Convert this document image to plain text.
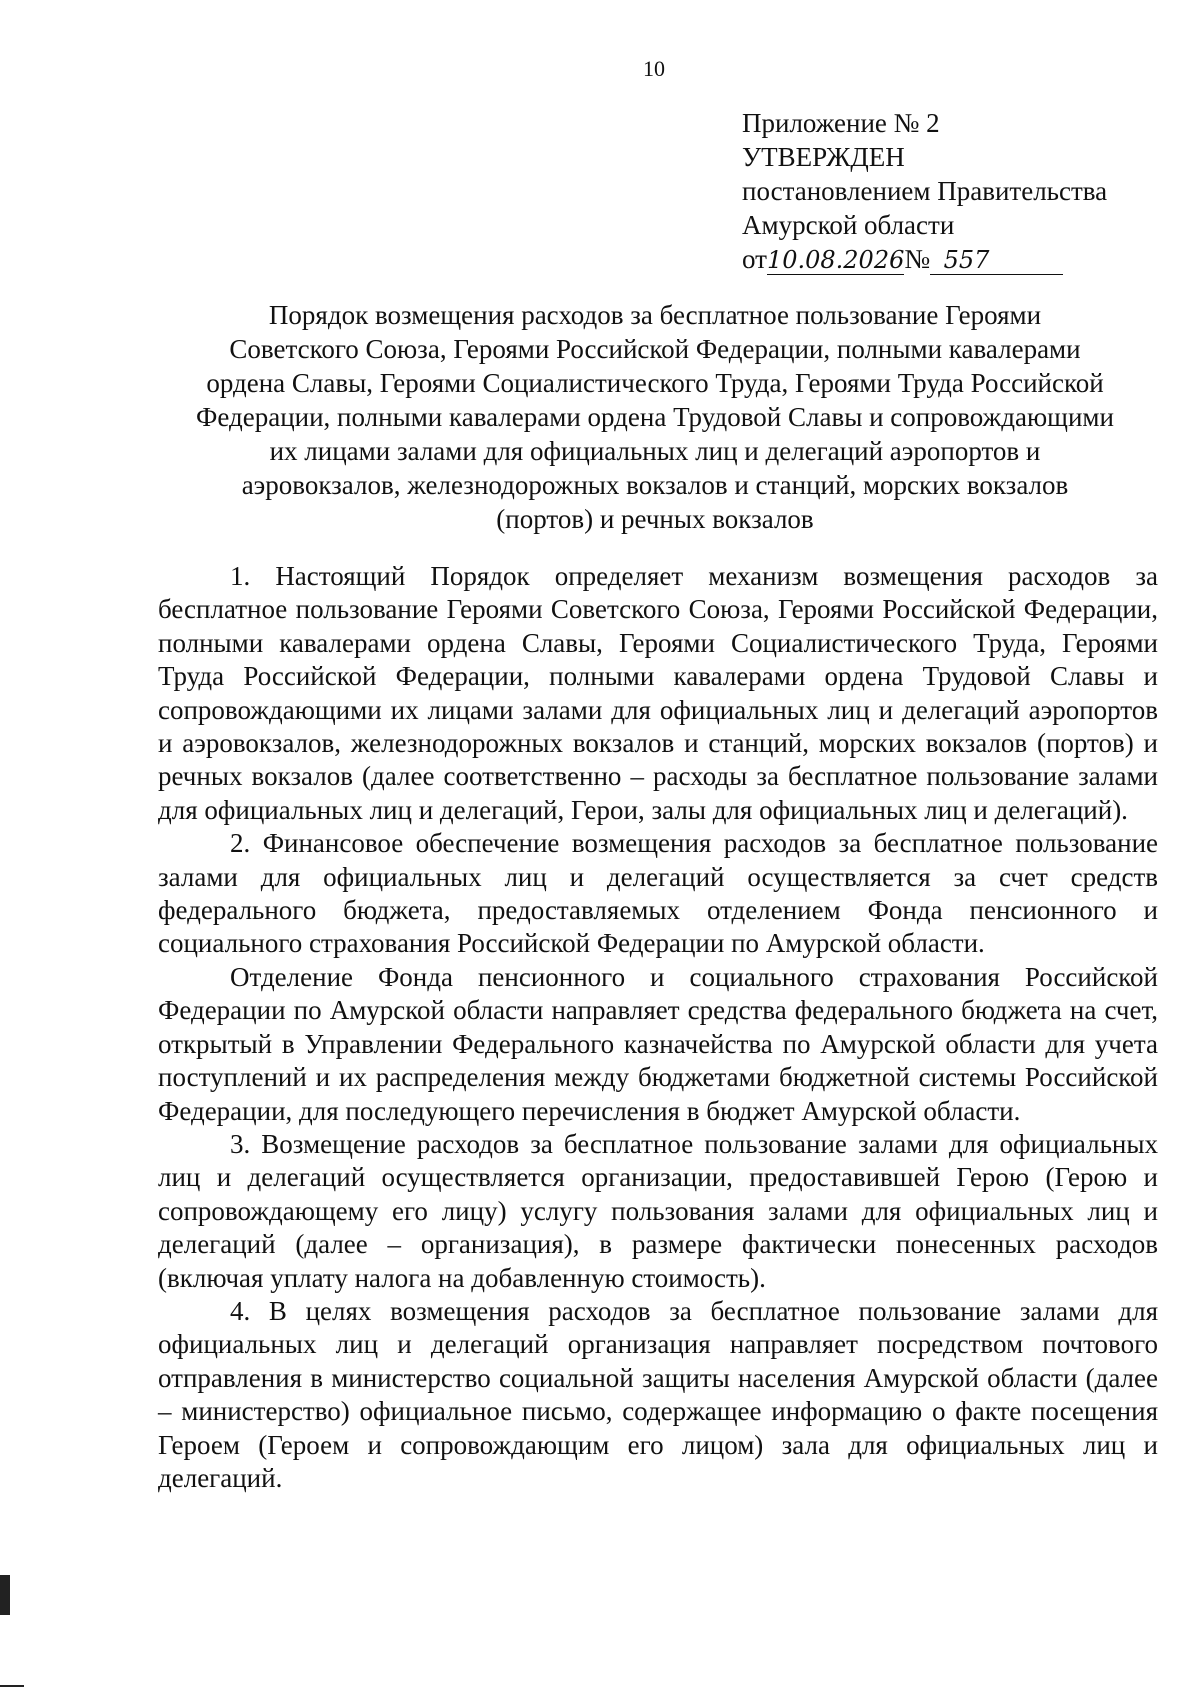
10
Приложение № 2
УТВЕРЖДЕН
постановлением Правительства
Амурской области
от10.08.2026№ 557
Порядок возмещения расходов за бесплатное пользование Героями
Советского Союза, Героями Российской Федерации, полными кавалерами
ордена Славы, Героями Социалистического Труда, Героями Труда Российской
Федерации, полными кавалерами ордена Трудовой Славы и сопровождающими
их лицами залами для официальных лиц и делегаций аэропортов и
аэровокзалов, железнодорожных вокзалов и станций, морских вокзалов
(портов) и речных вокзалов

1. Настоящий Порядок определяет механизм возмещения расходов за бесплатное пользование Героями Советского Союза, Героями Российской Федерации, полными кавалерами ордена Славы, Героями Социалистического Труда, Героями Труда Российской Федерации, полными кавалерами ордена Трудовой Славы и сопровождающими их лицами залами для официальных лиц и делегаций аэропортов и аэровокзалов, железнодорожных вокзалов и станций, морских вокзалов (портов) и речных вокзалов (далее соответственно – расходы за бесплатное пользование залами для официальных лиц и делегаций, Герои, залы для официальных лиц и делегаций).

2. Финансовое обеспечение возмещения расходов за бесплатное пользование залами для официальных лиц и делегаций осуществляется за счет средств федерального бюджета, предоставляемых отделением Фонда пенсионного и социального страхования Российской Федерации по Амурской области.

Отделение Фонда пенсионного и социального страхования Российской Федерации по Амурской области направляет средства федерального бюджета на счет, открытый в Управлении Федерального казначейства по Амурской области для учета поступлений и их распределения между бюджетами бюджетной системы Российской Федерации, для последующего перечисления в бюджет Амурской области.

3. Возмещение расходов за бесплатное пользование залами для официальных лиц и делегаций осуществляется организации, предоставившей Герою (Герою и сопровождающему его лицу) услугу пользования залами для официальных лиц и делегаций (далее – организация), в размере фактически понесенных расходов (включая уплату налога на добавленную стоимость).

4. В целях возмещения расходов за бесплатное пользование залами для официальных лиц и делегаций организация направляет посредством почтового отправления в министерство социальной защиты населения Амурской области (далее – министерство) официальное письмо, содержащее информацию о факте посещения Героем (Героем и сопровождающим его лицом) зала для официальных лиц и делегаций.
